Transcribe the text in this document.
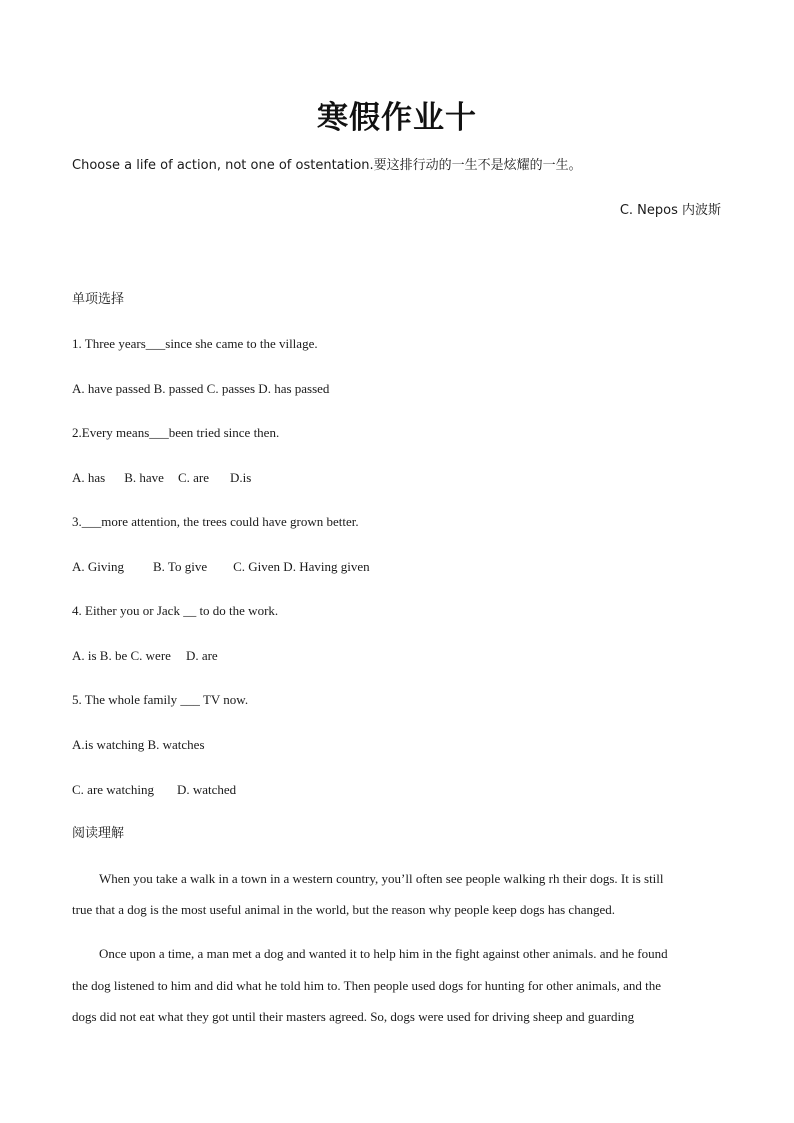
寒假作业十
Choose a life of action, not one of ostentation.要这排行动的一生不是炫耀的一生。
C. Nepos 内波斯
单项选择
1. Three years___since she came to the village.
A. have passed B. passed C. passes D. has passed
2.Every means___been tried since then.
A. has B. have C. are D.is
3.___more attention, the trees could have grown better.
A. Giving B. To give C. Given D. Having given
4. Either you or Jack __ to do the work.
A. is B. be C. were D. are
5. The whole family ___ TV now.
A.is watching B. watches
C. are watching D. watched
阅读理解
When you take a walk in a town in a western country, you’ll often see people walking rh their dogs. It is still
true that a dog is the most useful animal in the world, but the reason why people keep dogs has changed.
Once upon a time, a man met a dog and wanted it to help him in the fight against other animals. and he found
the dog listened to him and did what he told him to. Then people used dogs for hunting for other animals, and the
dogs did not eat what they got until their masters agreed. So, dogs were used for driving sheep and guarding
